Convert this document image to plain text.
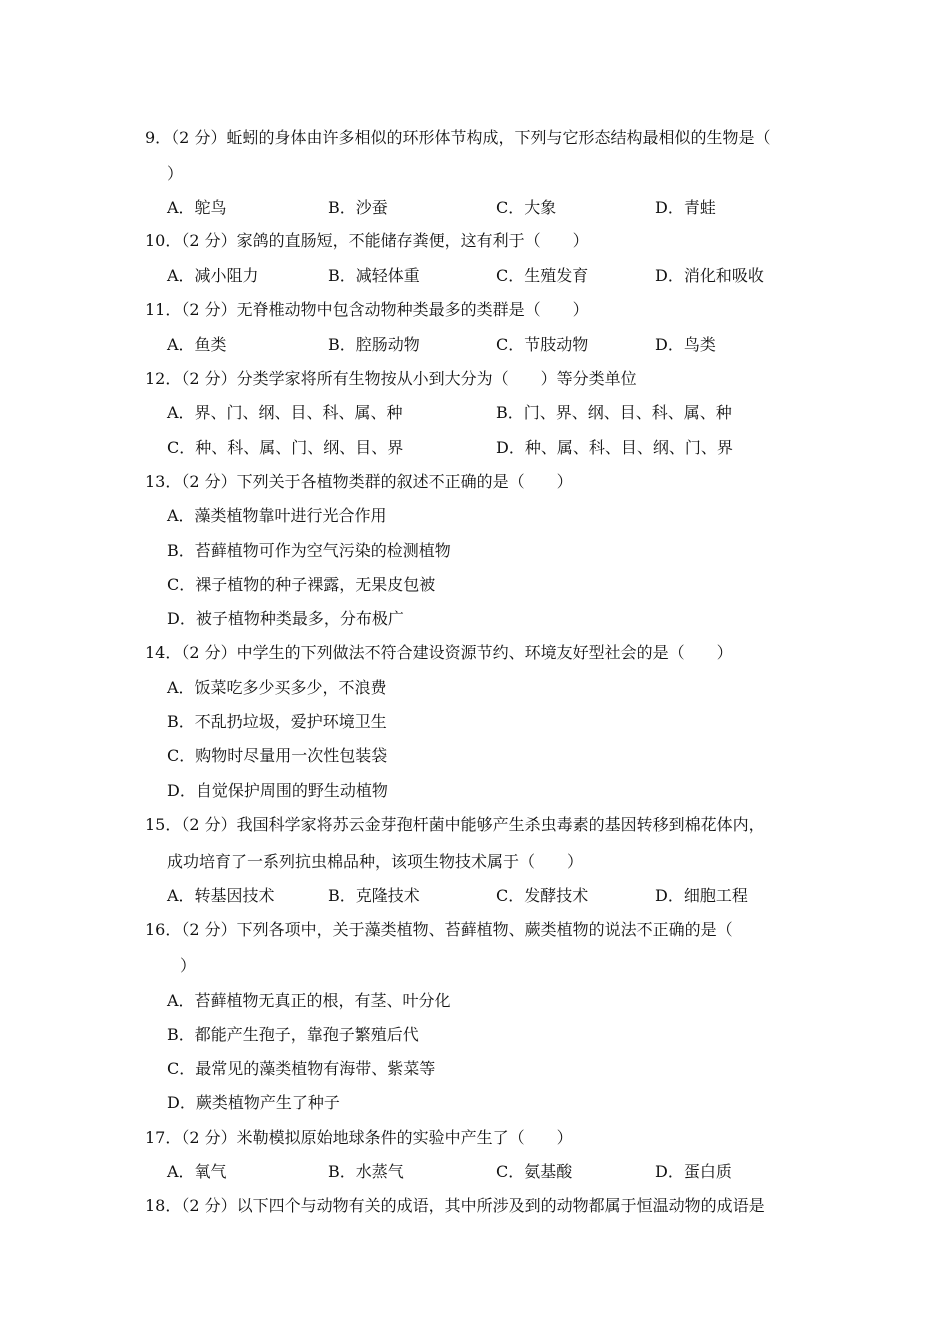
9．（2 分）蚯蚓的身体由许多相似的环形体节构成，下列与它形态结构最相似的生物是（
）
A．鸵鸟	B．沙蚕	C．大象	D．青蛙
10．（2 分）家鸽的直肠短，不能储存粪便，这有利于（　　）
A．减小阻力	B．减轻体重	C．生殖发育	D．消化和吸收
11．（2 分）无脊椎动物中包含动物种类最多的类群是（　　）
A．鱼类	B．腔肠动物	C．节肢动物	D．鸟类
12．（2 分）分类学家将所有生物按从小到大分为（　　）等分类单位
A．界、门、纲、目、科、属、种	B．门、界、纲、目、科、属、种
C．种、科、属、门、纲、目、界	D．种、属、科、目、纲、门、界
13．（2 分）下列关于各植物类群的叙述不正确的是（　　）
A．藻类植物靠叶进行光合作用
B．苔藓植物可作为空气污染的检测植物
C．裸子植物的种子裸露，无果皮包被
D．被子植物种类最多，分布极广
14．（2 分）中学生的下列做法不符合建设资源节约、环境友好型社会的是（　　）
A．饭菜吃多少买多少，不浪费
B．不乱扔垃圾，爱护环境卫生
C．购物时尽量用一次性包装袋
D．自觉保护周围的野生动植物
15．（2 分）我国科学家将苏云金芽孢杆菌中能够产生杀虫毒素的基因转移到棉花体内，
成功培育了一系列抗虫棉品种，该项生物技术属于（　　）
A．转基因技术	B．克隆技术	C．发酵技术	D．细胞工程
16．（2 分）下列各项中，关于藻类植物、苔藓植物、蕨类植物的说法不正确的是（
）
A．苔藓植物无真正的根，有茎、叶分化
B．都能产生孢子，靠孢子繁殖后代
C．最常见的藻类植物有海带、紫菜等
D．蕨类植物产生了种子
17．（2 分）米勒模拟原始地球条件的实验中产生了（　　）
A．氧气	B．水蒸气	C．氨基酸	D．蛋白质
18．（2 分）以下四个与动物有关的成语，其中所涉及到的动物都属于恒温动物的成语是
